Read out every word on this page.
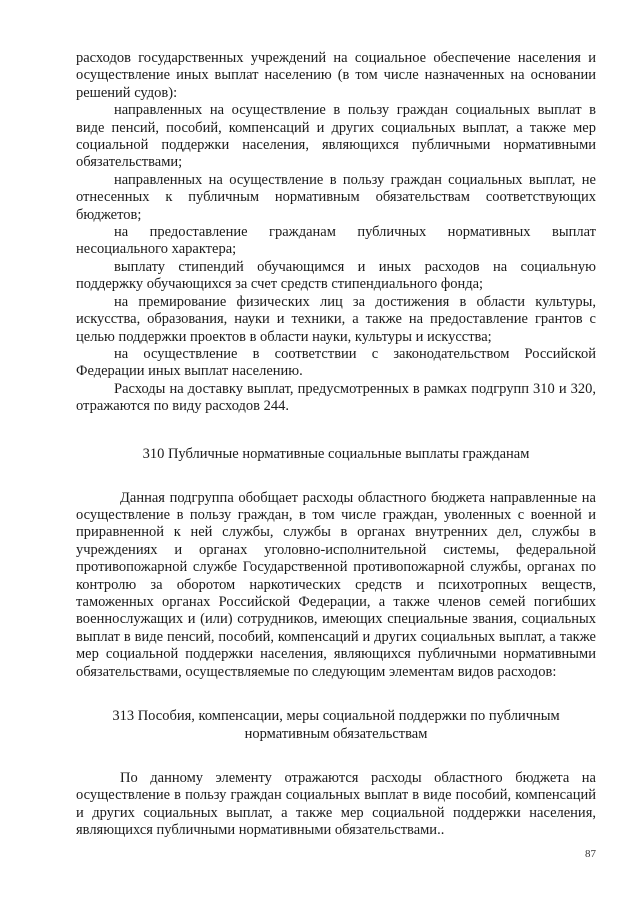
расходов государственных учреждений на социальное обеспечение населения и осуществление иных выплат населению (в том числе назначенных на основании решений судов):

направленных на осуществление в пользу граждан социальных выплат в виде пенсий, пособий, компенсаций и других социальных выплат, а также мер социальной поддержки населения, являющихся публичными нормативными обязательствами;

направленных на осуществление в пользу граждан социальных выплат, не отнесенных к публичным нормативным обязательствам соответствующих бюджетов;

на предоставление гражданам публичных нормативных выплат несоциального характера;

выплату стипендий обучающимся и иных расходов на социальную поддержку обучающихся за счет средств стипендиального фонда;

на премирование физических лиц за достижения в области культуры, искусства, образования, науки и техники, а также на предоставление грантов с целью поддержки проектов в области науки, культуры и искусства;

на осуществление в соответствии с законодательством Российской Федерации иных выплат населению.

Расходы на доставку выплат, предусмотренных в рамках подгрупп 310 и 320, отражаются по виду расходов 244.

310 Публичные нормативные социальные выплаты гражданам

Данная подгруппа обобщает расходы областного бюджета направленные на осуществление в пользу граждан, в том числе граждан, уволенных с военной и приравненной к ней службы, службы в органах внутренних дел, службы в учреждениях и органах уголовно-исполнительной системы, федеральной противопожарной службе Государственной противопожарной службы, органах по контролю за оборотом наркотических средств и психотропных веществ, таможенных органах Российской Федерации, а также членов семей погибших военнослужащих и (или) сотрудников, имеющих специальные звания, социальных выплат в виде пенсий, пособий, компенсаций и других социальных выплат, а также мер социальной поддержки населения, являющихся публичными нормативными обязательствами, осуществляемые по следующим элементам видов расходов:

313 Пособия, компенсации, меры социальной поддержки по публичным
нормативным обязательствам

По данному элементу отражаются расходы областного бюджета на осуществление в пользу граждан социальных выплат в виде пособий, компенсаций и других социальных выплат, а также мер социальной поддержки населения, являющихся публичными нормативными обязательствами..

87
